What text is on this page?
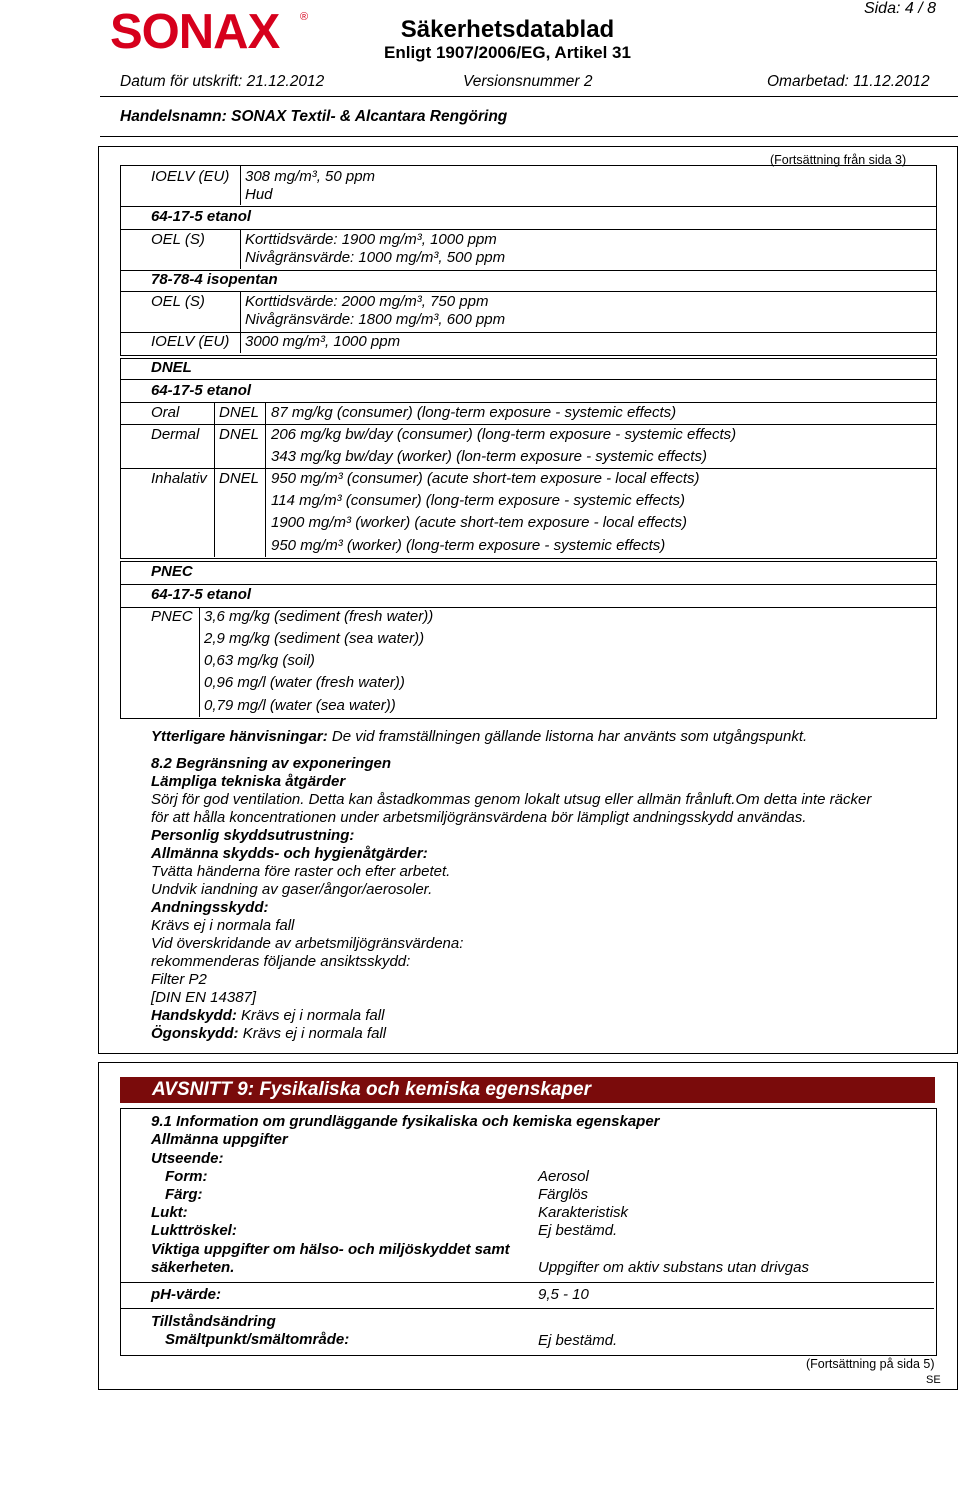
SONAX ®	Säkerhetsdatablad
Enligt 1907/2006/EG, Artikel 31
Sida: 4 / 8
Datum för utskrift: 21.12.2012	Versionsnummer 2	Omarbetad: 11.12.2012
Handelsnamn: SONAX Textil- & Alcantara Rengöring
(Fortsättning från sida 3)
IOELV (EU) 308 mg/m³, 50 ppm
Hud
64-17-5 etanol
OEL (S)	Korttidsvärde: 1900 mg/m³, 1000 ppm
Nivågränsvärde: 1000 mg/m³, 500 ppm
78-78-4 isopentan
OEL (S)	Korttidsvärde: 2000 mg/m³, 750 ppm
Nivågränsvärde: 1800 mg/m³, 600 ppm
IOELV (EU) 3000 mg/m³, 1000 ppm
DNEL
64-17-5 etanol
Oral	DNEL 87 mg/kg (consumer) (long-term exposure - systemic effects)
Dermal DNEL 206 mg/kg bw/day (consumer) (long-term exposure - systemic effects)
343 mg/kg bw/day (worker) (lon-term exposure - systemic effects)
Inhalativ DNEL 950 mg/m³ (consumer) (acute short-tem exposure - local effects)
114 mg/m³ (consumer) (long-term exposure - systemic effects)
1900 mg/m³ (worker) (acute short-tem exposure - local effects)
950 mg/m³ (worker) (long-term exposure - systemic effects)
PNEC
64-17-5 etanol
PNEC 3,6 mg/kg (sediment (fresh water))
2,9 mg/kg (sediment (sea water))
0,63 mg/kg (soil)
0,96 mg/l (water (fresh water))
0,79 mg/l (water (sea water))
Ytterligare hänvisningar: De vid framställningen gällande listorna har använts som utgångspunkt.
8.2 Begränsning av exponeringen
Lämpliga tekniska åtgärder
Sörj för god ventilation. Detta kan åstadkommas genom lokalt utsug eller allmän frånluft.Om detta inte räcker
för att hålla koncentrationen under arbetsmiljögränsvärdena bör lämpligt andningsskydd användas.
Personlig skyddsutrustning:
Allmänna skydds- och hygienåtgärder:
Tvätta händerna före raster och efter arbetet.
Undvik iandning av gaser/ångor/aerosoler.
Andningsskydd:
Krävs ej i normala fall
Vid överskridande av arbetsmiljögränsvärdena:
rekommenderas följande ansiktsskydd:
Filter P2
[DIN EN 14387]
Handskydd: Krävs ej i normala fall
Ögonskydd: Krävs ej i normala fall
AVSNITT 9: Fysikaliska och kemiska egenskaper
9.1 Information om grundläggande fysikaliska och kemiska egenskaper
Allmänna uppgifter
Utseende:
Form:	Aerosol
Färg:	Färglös
Lukt:	Karakteristisk
Lukttröskel:	Ej bestämd.
Viktiga uppgifter om hälso- och miljöskyddet samt
säkerheten.	Uppgifter om aktiv substans utan drivgas
pH-värde:	9,5 - 10
Tillståndsändring
Smältpunkt/smältområde:	Ej bestämd.
(Fortsättning på sida 5)
SE
